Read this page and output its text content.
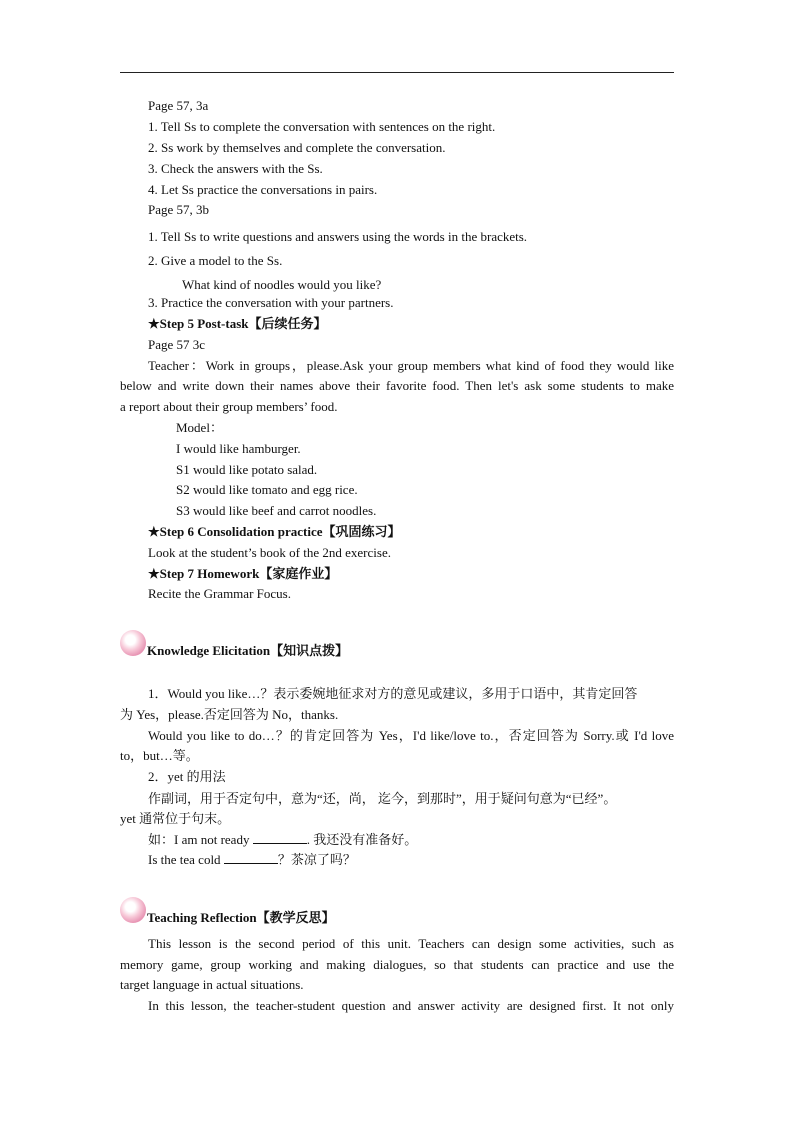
Page 57, 3a
1. Tell Ss to complete the conversation with sentences on the right.
2. Ss work by themselves and complete the conversation.
3. Check the answers with the Ss.
4. Let Ss practice the conversations in pairs.
Page 57, 3b
1. Tell Ss to write questions and answers using the words in the brackets.
2. Give a model to the Ss.
What kind of noodles would you like?
3. Practice the conversation with your partners.
★Step 5 Post-task【后续任务】
Page 57 3c
Teacher：Work in groups，please.Ask your group members what kind of food they would like
below and write down their names above their favorite food. Then let's ask some students to make
a report about their group members’ food.
Model：
I would like hamburger.
S1 would like potato salad.
S2 would like tomato and egg rice.
S3 would like beef and carrot noodles.
★Step 6 Consolidation practice【巩固练习】
Look at the student’s book of the 2nd exercise.
★Step 7 Homework【家庭作业】
Recite the Grammar Focus.
Knowledge Elicitation【知识点拨】
1．Would you like…？表示委婉地征求对方的意见或建议，多用于口语中，其肯定回答
为 Yes，please.否定回答为 No，thanks.
Would you like to do…？的肯定回答为 Yes，I'd like/love to.，否定回答为 Sorry.或 I'd love
to，but…等。
2．yet 的用法
作副词，用于否定句中，意为“还，尚， 迄今，到那时”，用于疑问句意为“已经”。
yet 通常位于句末。
如：I am not ready	. 我还没有准备好。
Is the tea cold	？茶凉了吗？
Teaching Reflection【教学反思】
This lesson is the second period of this unit. Teachers can design some activities, such as
memory game, group working and making dialogues, so that students can practice and use the
target language in actual situations.
In this lesson, the teacher-student question and answer activity are designed first. It not only
